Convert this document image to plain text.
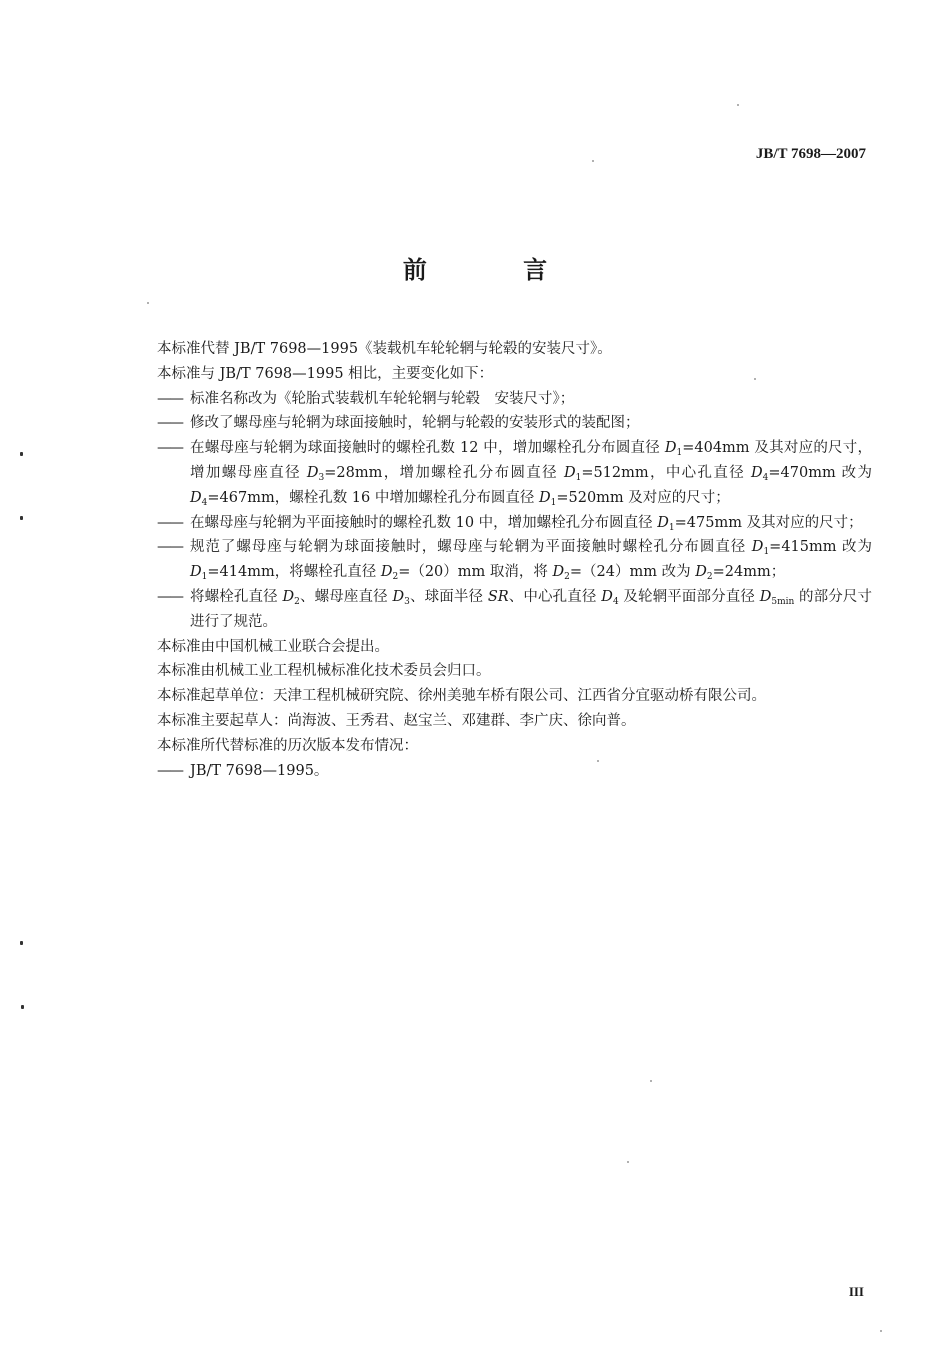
JB/T 7698—2007
前 言

本标准代替 JB/T 7698—1995《装载机车轮轮辋与轮毂的安装尺寸》。

本标准与 JB/T 7698—1995 相比，主要变化如下：

——
标准名称改为《轮胎式装载机车轮轮辋与轮毂　安装尺寸》；

——
修改了螺母座与轮辋为球面接触时，轮辋与轮毂的安装形式的装配图；

——
在螺母座与轮辋为球面接触时的螺栓孔数 12 中，增加螺栓孔分布圆直径 $D_1=404mm$ 及其对应的尺寸，增加螺母座直径 $D_3=28mm$，增加螺栓孔分布圆直径 $D_1=512mm$，中心孔直径 $D_4=470mm$ 改为 $D_4=467mm$，螺栓孔数 16 中增加螺栓孔分布圆直径 $D_1=520mm$ 及对应的尺寸；

——
在螺母座与轮辋为平面接触时的螺栓孔数 10 中，增加螺栓孔分布圆直径 $D_1=475mm$ 及其对应的尺寸；

——
规范了螺母座与轮辋为球面接触时，螺母座与轮辋为平面接触时螺栓孔分布圆直径 $D_1=415mm$ 改为 $D_1=414mm$，将螺栓孔直径 $D_2=(20)mm$ 取消，将 $D_2=(24)mm$ 改为 $D_2=24mm$；

——
将螺栓孔直径 $D_2$、螺母座直径 $D_3$、球面半径 SR、中心孔直径 $D_4$ 及轮辋平面部分直径 $D_{5min}$ 的部分尺寸进行了规范。

本标准由中国机械工业联合会提出。

本标准由机械工业工程机械标准化技术委员会归口。

本标准起草单位：天津工程机械研究院、徐州美驰车桥有限公司、江西省分宜驱动桥有限公司。

本标准主要起草人：尚海波、王秀君、赵宝兰、邓建群、李广庆、徐向普。

本标准所代替标准的历次版本发布情况：

——
JB/T 7698—1995。

III
